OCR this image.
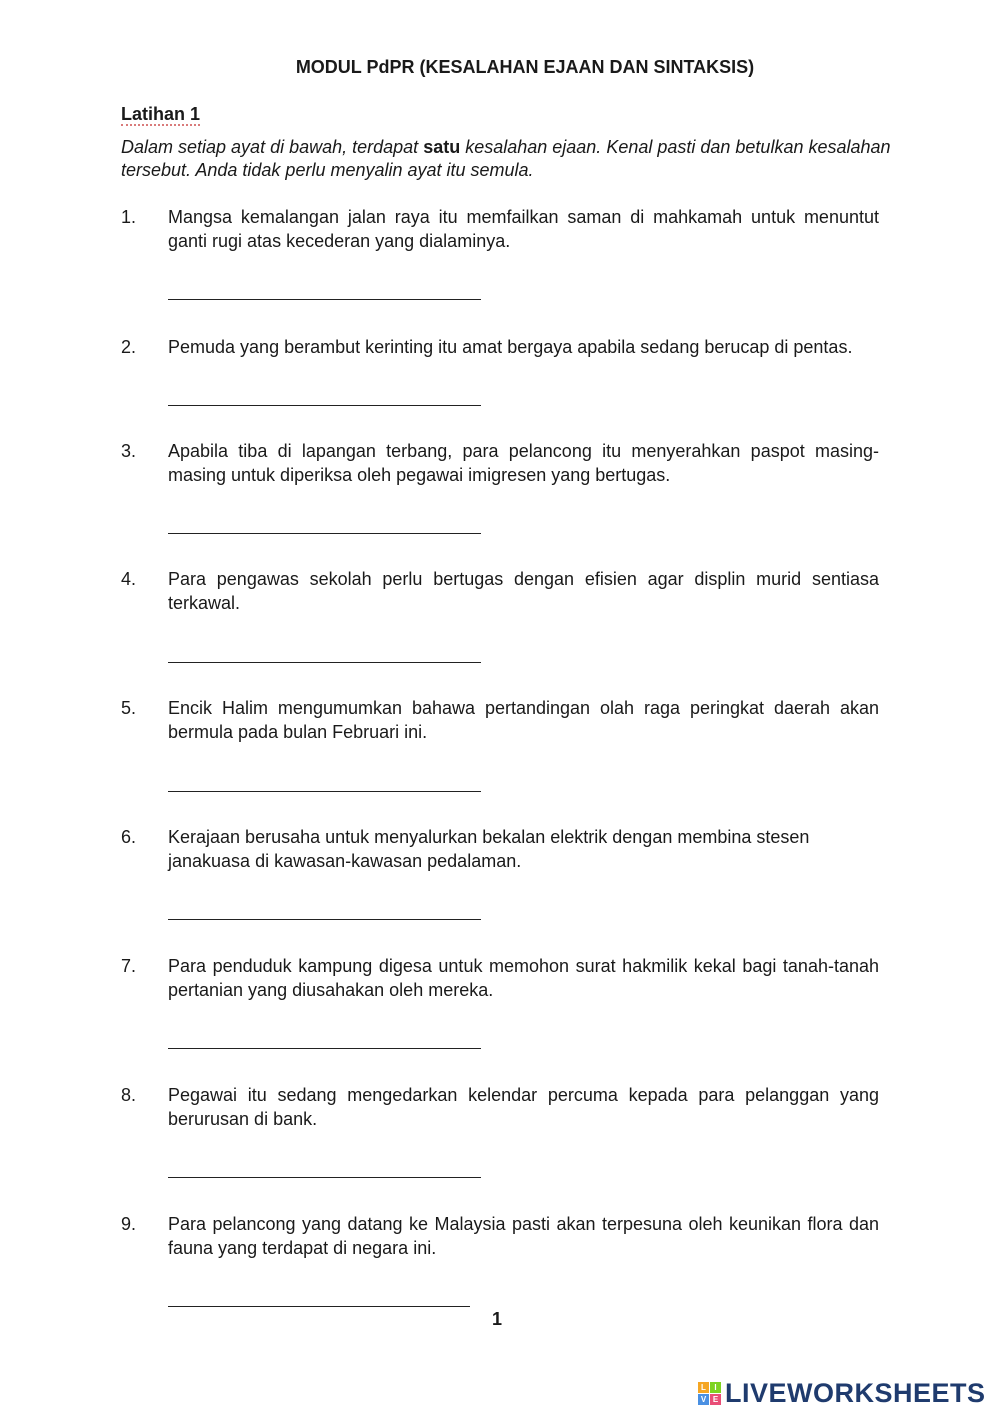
MODUL PdPR (KESALAHAN EJAAN DAN SINTAKSIS)
Latihan 1
Dalam setiap ayat di bawah, terdapat satu kesalahan ejaan. Kenal pasti dan betulkan kesalahan tersebut. Anda tidak perlu menyalin ayat itu semula.
1.	Mangsa kemalangan jalan raya itu memfailkan saman di mahkamah untuk menuntut ganti rugi atas kecederan yang dialaminya.
2.	Pemuda yang berambut kerinting itu amat bergaya apabila sedang berucap di pentas.
3.	Apabila tiba di lapangan terbang, para pelancong itu menyerahkan paspot masing-masing untuk diperiksa oleh pegawai imigresen yang bertugas.
4.	Para pengawas sekolah perlu bertugas dengan efisien agar displin murid sentiasa terkawal.
5.	Encik Halim mengumumkan bahawa pertandingan olah raga peringkat daerah akan bermula pada bulan Februari ini.
6.	Kerajaan berusaha untuk menyalurkan bekalan elektrik dengan membina stesen janakuasa di kawasan-kawasan pedalaman.
7.	Para penduduk kampung digesa untuk memohon surat hakmilik kekal bagi tanah-tanah pertanian yang diusahakan oleh mereka.
8.	Pegawai itu sedang mengedarkan kelendar percuma kepada para pelanggan yang berurusan di bank.
9.	Para pelancong yang datang ke Malaysia pasti akan terpesuna oleh keunikan flora dan fauna yang terdapat di negara ini.
1
L	I
V E LIVEWORKSHEETS
